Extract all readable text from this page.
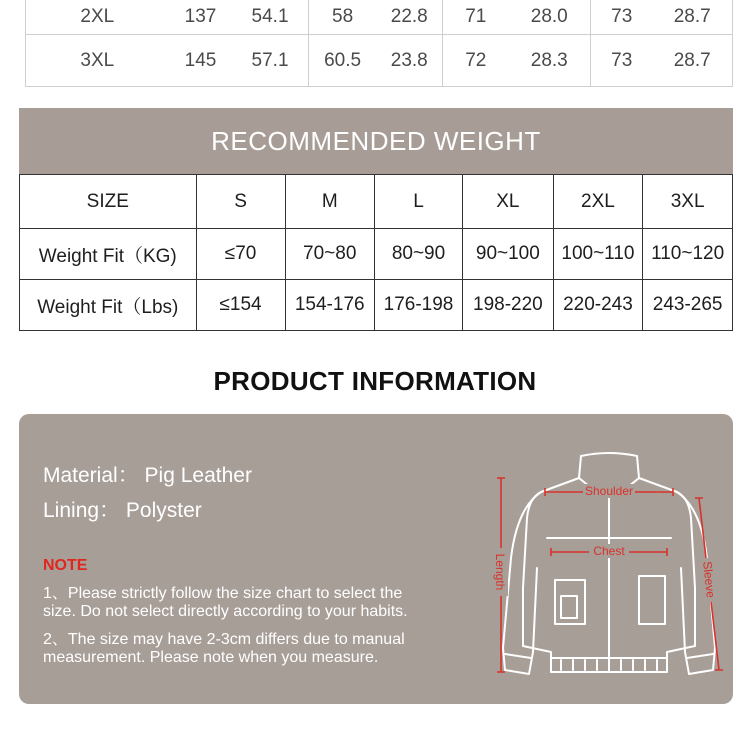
2XL	137	54.1	58	22.8	71	28.0	73	28.7
3XL	145	57.1	60.5	23.8	72	28.3	73	28.7
RECOMMENDED WEIGHT
SIZE	S	M	L	XL	2XL	3XL
Weight Fit（KG)	≤70	70~80	80~90	90~100	100~110	110~120
Weight Fit（Lbs)	≤154	154-176	176-198	198-220	220-243	243-265
PRODUCT INFORMATION
Material： Pig Leather
Lining： Polyster
NOTE
1、Please strictly follow the size chart to select the
size. Do not select directly according to your habits.
2、The size may have 2-3cm differs due to manual
measurement. Please note when you measure.
Shoulder
Chest
Length	Sleeve
